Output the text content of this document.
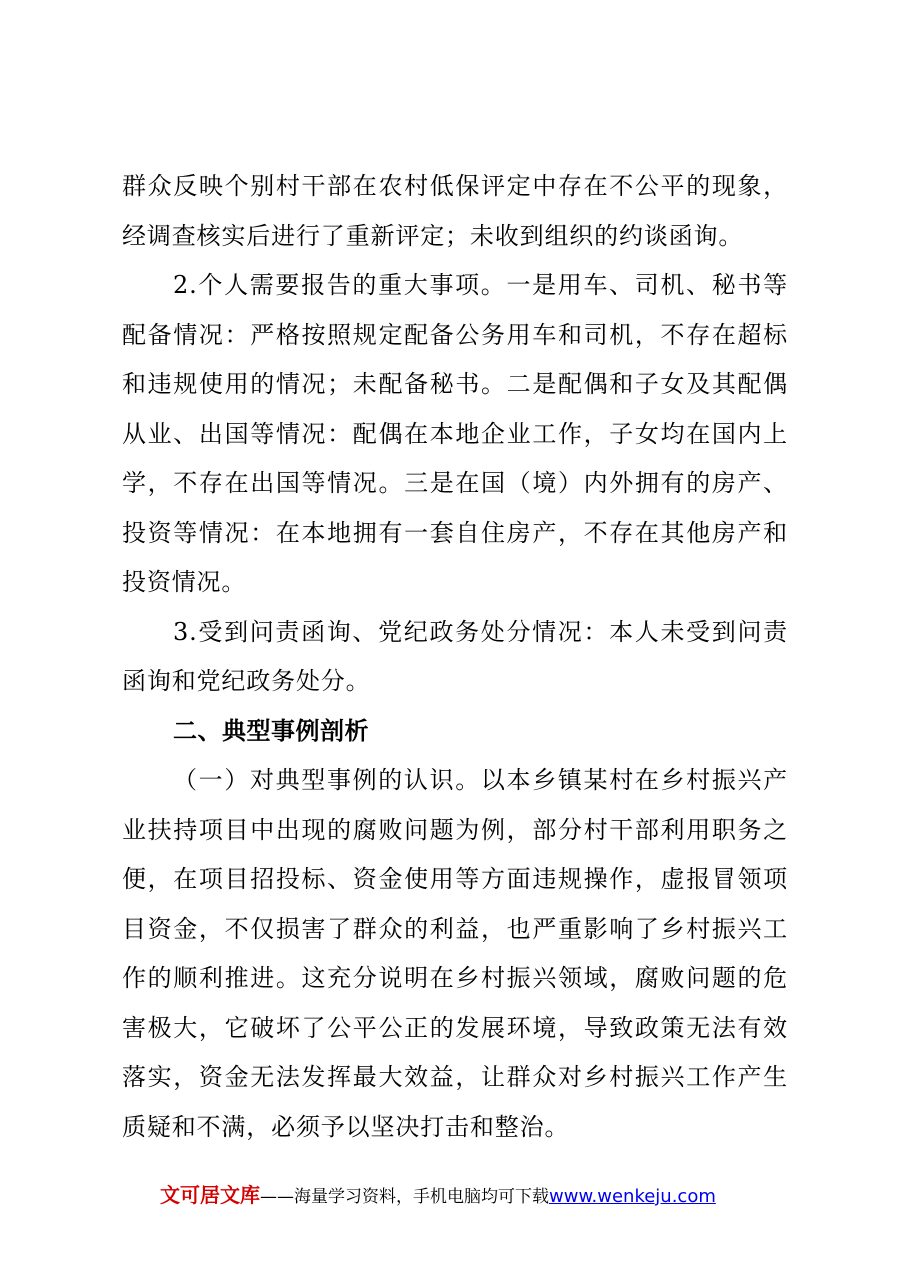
群众反映个别村干部在农村低保评定中存在不公平的现象，经调查核实后进行了重新评定；未收到组织的约谈函询。

2.个人需要报告的重大事项。一是用车、司机、秘书等配备情况：严格按照规定配备公务用车和司机，不存在超标和违规使用的情况；未配备秘书。二是配偶和子女及其配偶从业、出国等情况：配偶在本地企业工作，子女均在国内上学，不存在出国等情况。三是在国（境）内外拥有的房产、投资等情况：在本地拥有一套自住房产，不存在其他房产和投资情况。

3.受到问责函询、党纪政务处分情况：本人未受到问责函询和党纪政务处分。

二、典型事例剖析

（一）对典型事例的认识。以本乡镇某村在乡村振兴产业扶持项目中出现的腐败问题为例，部分村干部利用职务之便，在项目招投标、资金使用等方面违规操作，虚报冒领项目资金，不仅损害了群众的利益，也严重影响了乡村振兴工作的顺利推进。这充分说明在乡村振兴领域，腐败问题的危害极大，它破坏了公平公正的发展环境，导致政策无法有效落实，资金无法发挥最大效益，让群众对乡村振兴工作产生质疑和不满，必须予以坚决打击和整治。

文可居文库——海量学习资料，手机电脑均可下载www.wenkeju.com
